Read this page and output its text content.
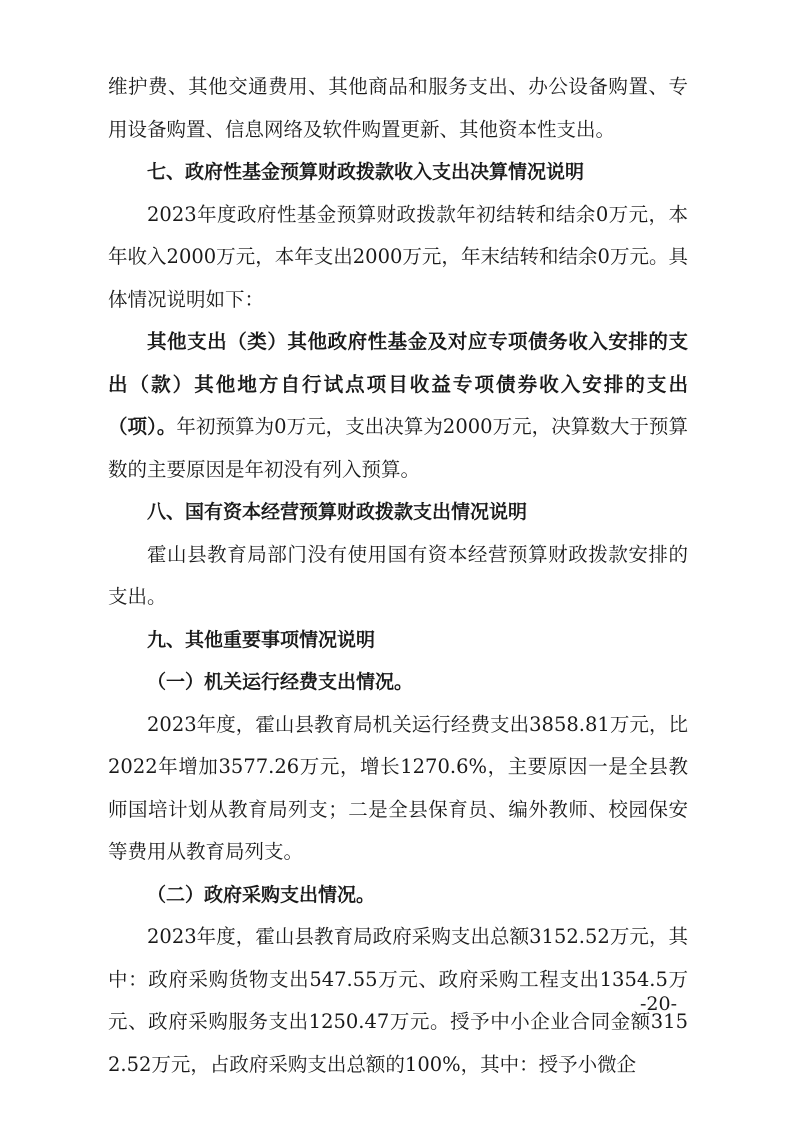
维护费、其他交通费用、其他商品和服务支出、办公设备购置、专用设备购置、信息网络及软件购置更新、其他资本性支出。

七、政府性基金预算财政拨款收入支出决算情况说明

2023年度政府性基金预算财政拨款年初结转和结余0万元，本年收入2000万元，本年支出2000万元，年末结转和结余0万元。具体情况说明如下：

其他支出（类）其他政府性基金及对应专项债务收入安排的支出（款）其他地方自行试点项目收益专项债券收入安排的支出（项）。年初预算为0万元，支出决算为2000万元，决算数大于预算数的主要原因是年初没有列入预算。

八、国有资本经营预算财政拨款支出情况说明

霍山县教育局部门没有使用国有资本经营预算财政拨款安排的支出。

九、其他重要事项情况说明

（一）机关运行经费支出情况。

2023年度，霍山县教育局机关运行经费支出3858.81万元，比2022年增加3577.26万元，增长1270.6%，主要原因一是全县教师国培计划从教育局列支；二是全县保育员、编外教师、校园保安等费用从教育局列支。

（二）政府采购支出情况。

2023年度，霍山县教育局政府采购支出总额3152.52万元，其中：政府采购货物支出547.55万元、政府采购工程支出1354.5万元、政府采购服务支出1250.47万元。授予中小企业合同金额3152.52万元，占政府采购支出总额的100%，其中：授予小微企

-20-
